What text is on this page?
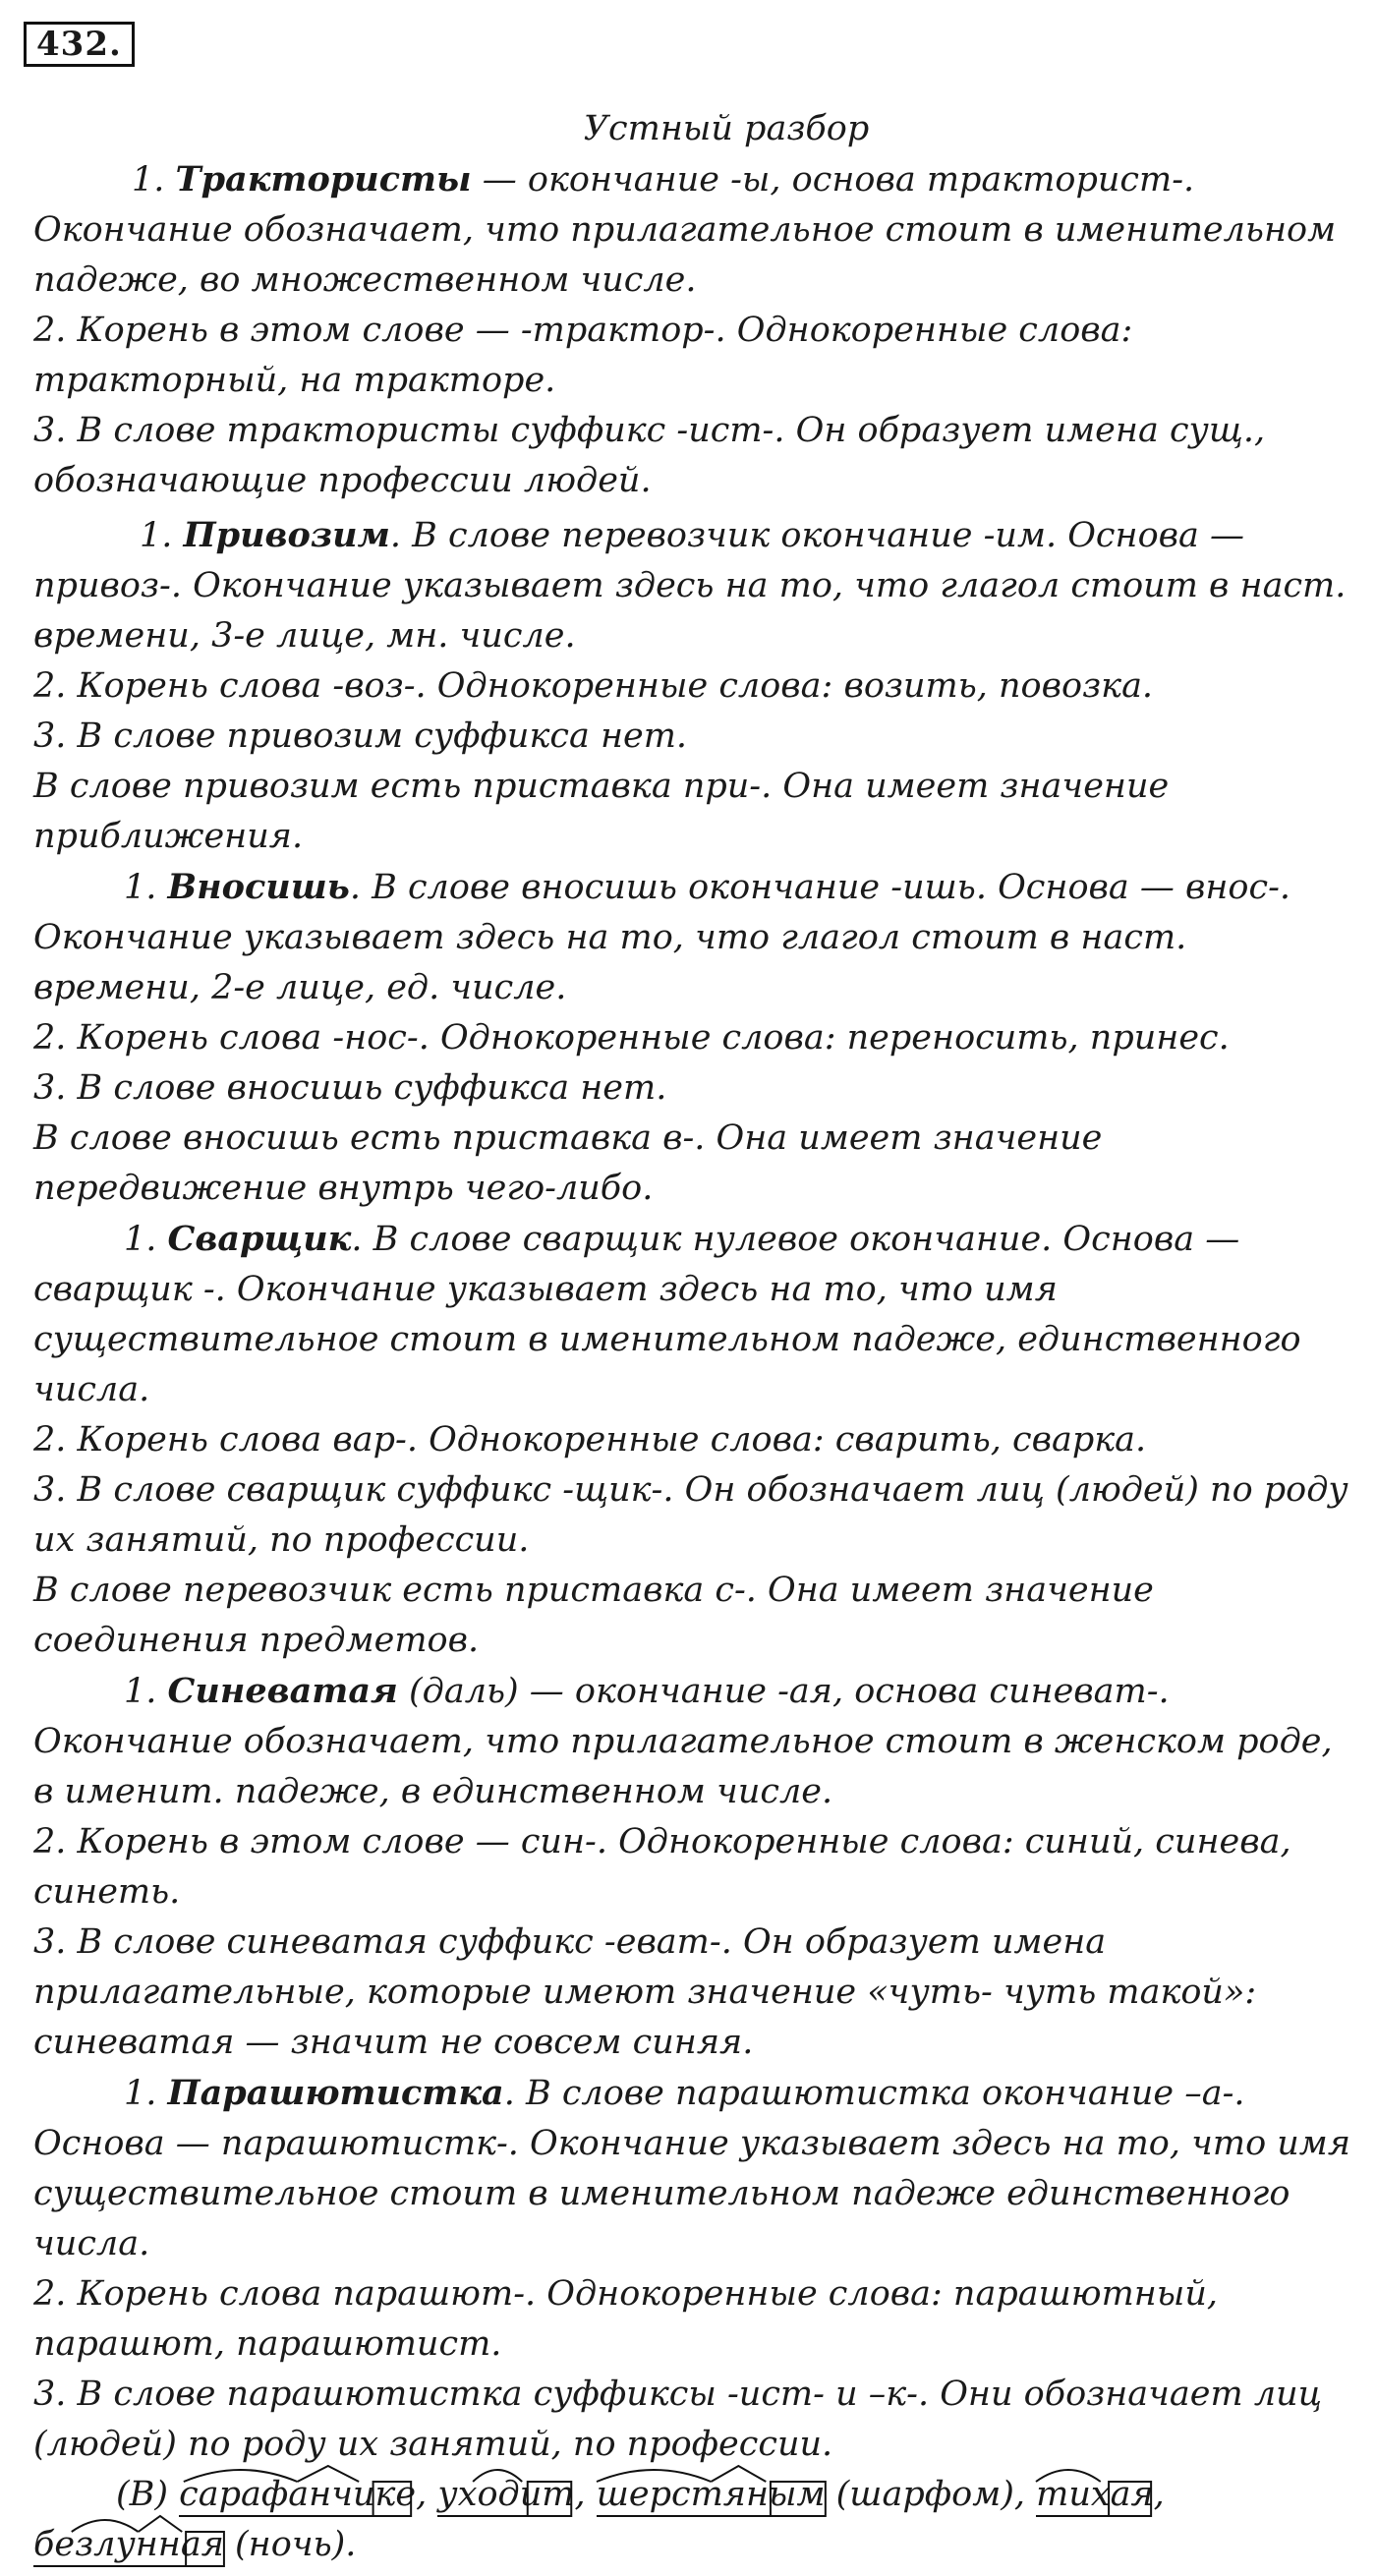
432.

Устный разбор

1. Трактористы — окончание -ы, основа тракторист-. Окончание обозначает, что прилагательное стоит в именительном падеже, во множественном числе.

2. Корень в этом слове — -трактор-. Однокоренные слова: тракторный, на тракторе.

3. В слове трактористы суффикс -ист-. Он образует имена сущ., обозначающие профессии людей.

1. Привозим. В слове перевозчик окончание -им. Основа — привоз-. Окончание указывает здесь на то, что глагол стоит в наст. времени, 3-е лице, мн. числе.

2. Корень слова -воз-. Однокоренные слова: возить, повозка.

3. В слове привозим суффикса нет.

В слове привозим есть приставка при-. Она имеет значение приближения.

1. Вносишь. В слове вносишь окончание -ишь. Основа — внос-. Окончание указывает здесь на то, что глагол стоит в наст. времени, 2-е лице, ед. числе.

2. Корень слова -нос-. Однокоренные слова: переносить, принес.

3. В слове вносишь суффикса нет.

В слове вносишь есть приставка в-. Она имеет значение передвижение внутрь чего-либо.

1. Сварщик. В слове сварщик нулевое окончание. Основа — сварщик -. Окончание указывает здесь на то, что имя существительное стоит в именительном падеже, единственного числа.

2. Корень слова вар-. Однокоренные слова: сварить, сварка.

3. В слове сварщик суффикс -щик-. Он обозначает лиц (людей) по роду их занятий, по профессии.

В слове перевозчик есть приставка с-. Она имеет значение соединения предметов.

1. Синеватая (даль) — окончание -ая, основа синеват-. Окончание обозначает, что прилагательное стоит в женском роде, в именит. падеже, в единственном числе.

2. Корень в этом слове — син-. Однокоренные слова: синий, синева, синеть.

3. В слове синеватая суффикс -еват-. Он образует имена прилагательные, которые имеют значение «чуть- чуть такой»: синеватая — значит не совсем синяя.

1. Парашютистка. В слове парашютистка окончание –а-. Основа — парашютистк-. Окончание указывает здесь на то, что имя существительное стоит в именительном падеже единственного числа.

2. Корень слова парашют-. Однокоренные слова: парашютный, парашют, парашютист.

3. В слове парашютистка суффиксы -ист- и –к-. Они обозначает лиц (людей) по роду их занятий, по профессии.

(В) сарафанчике
, уходит
, шерстяным
(шарфом), тихая
, безлунная
(ночь).
